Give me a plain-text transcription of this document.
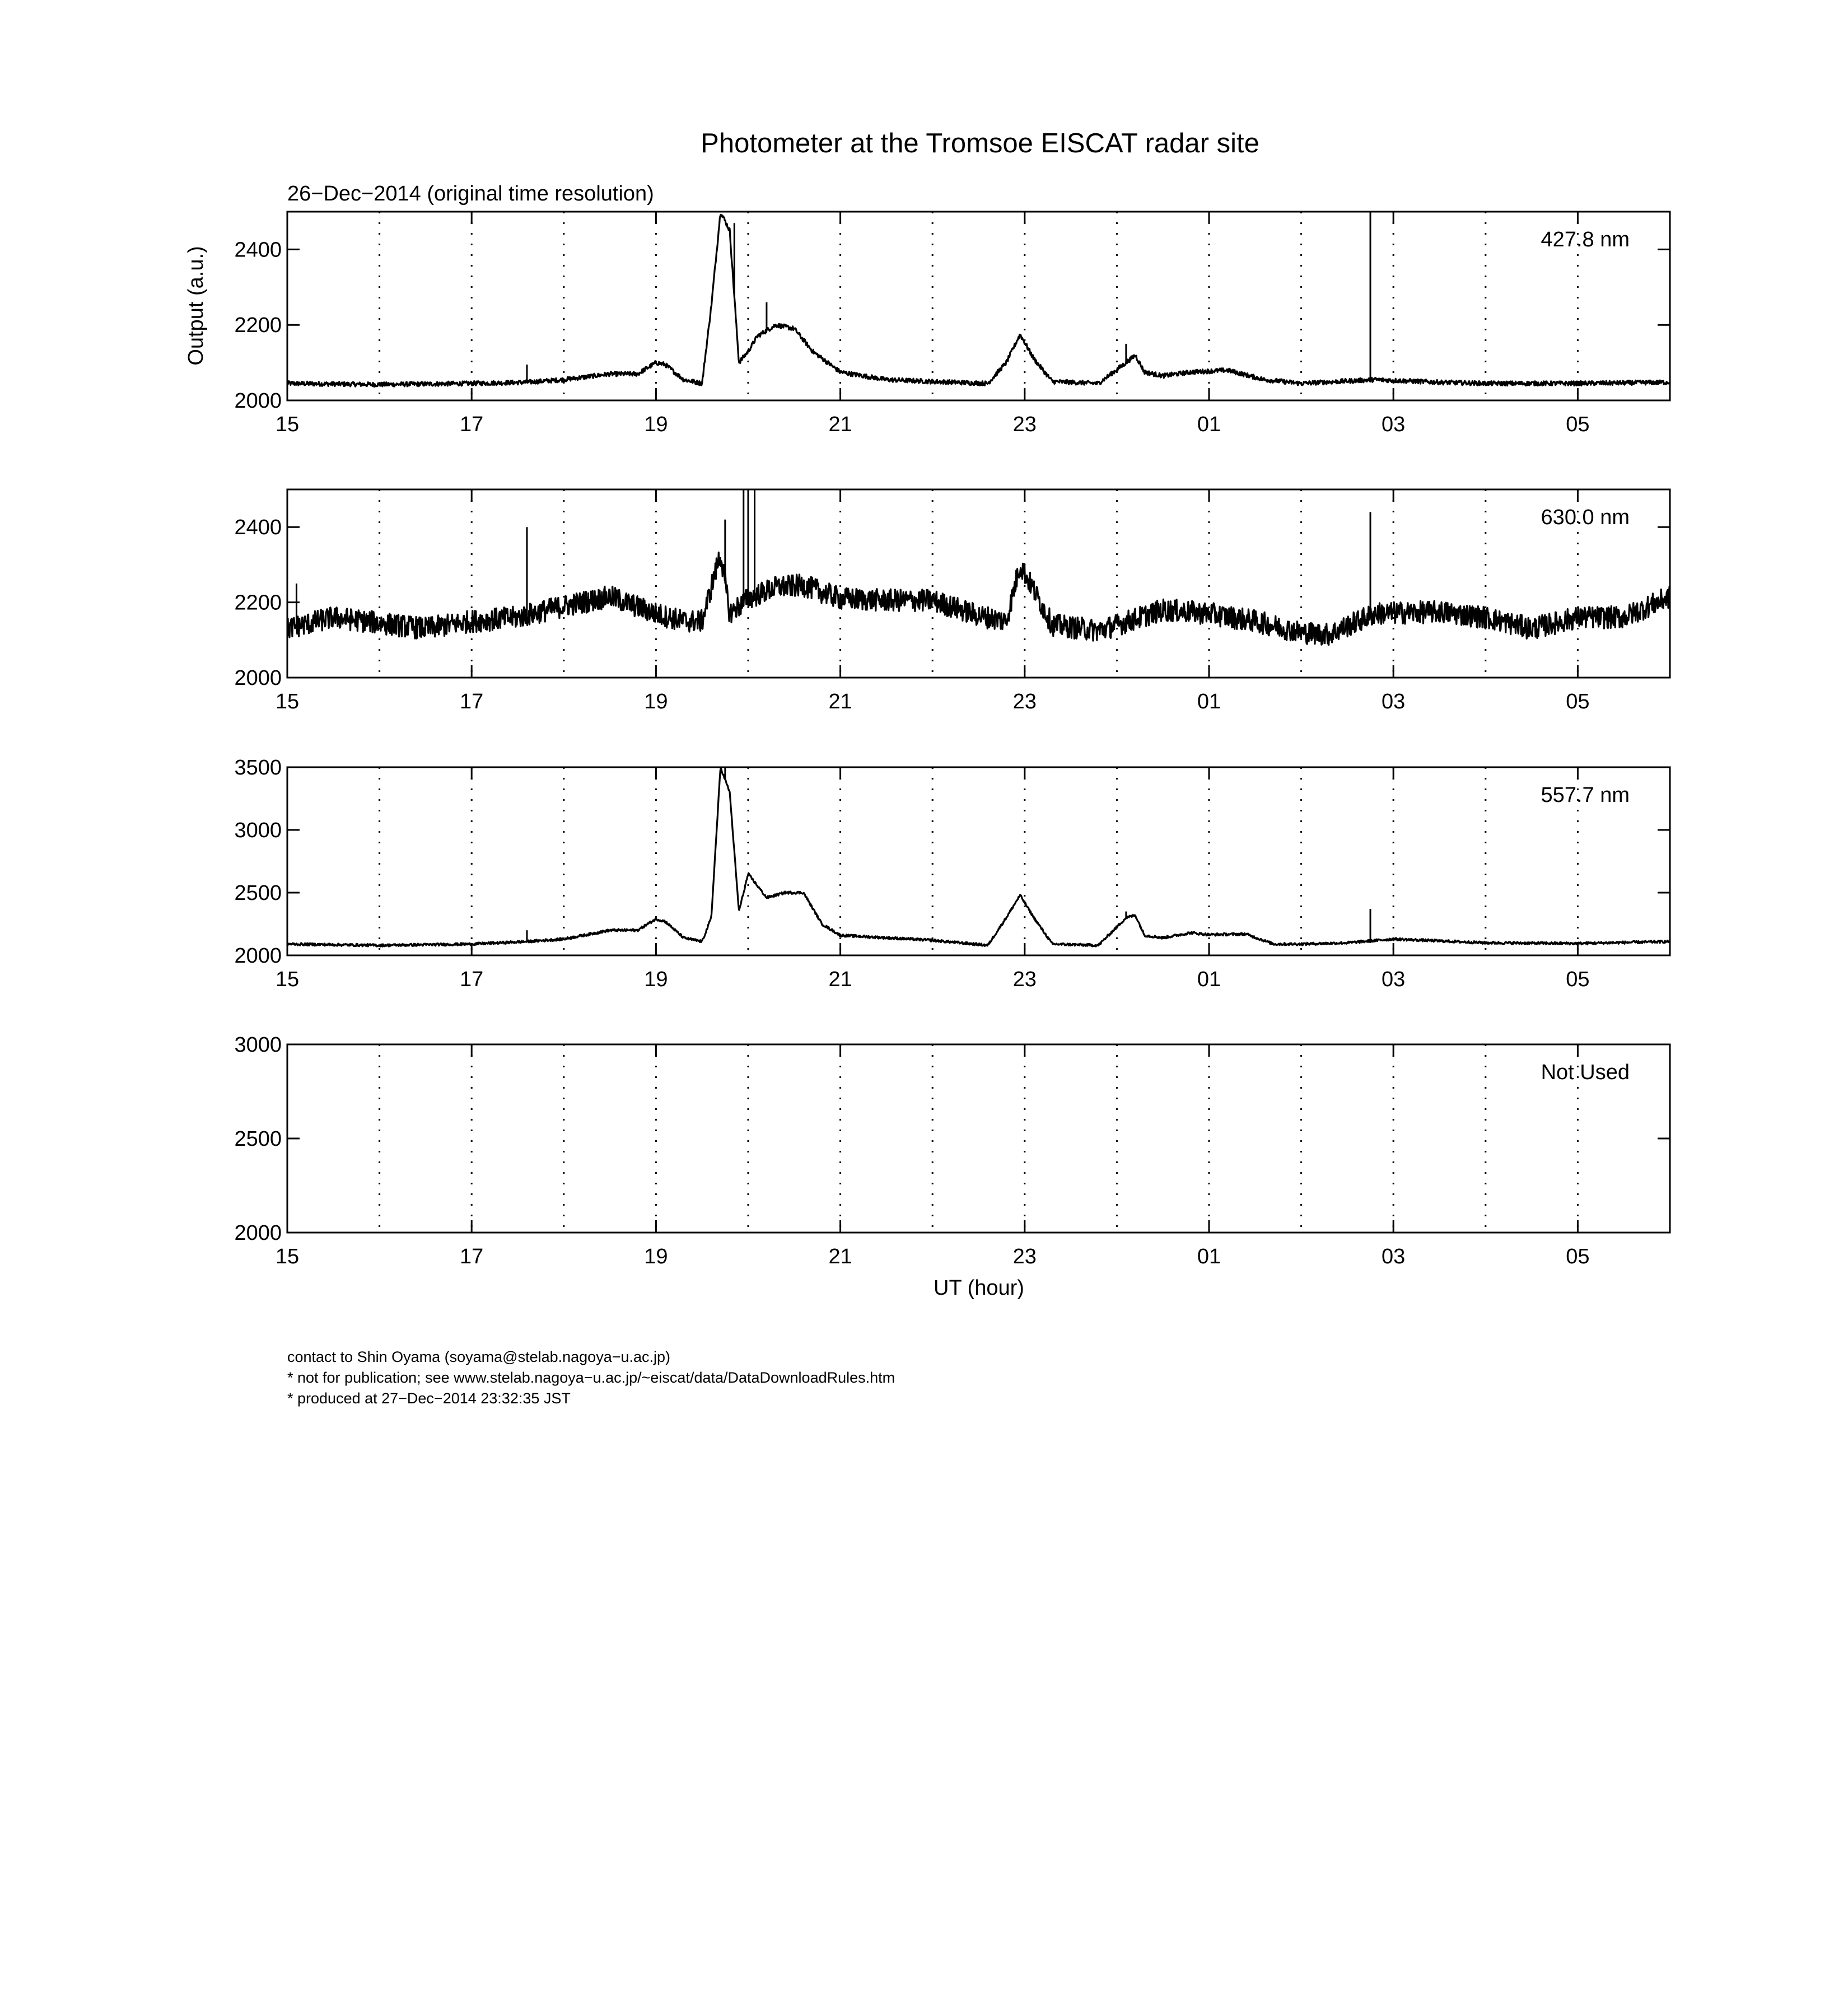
Photometer at the Tromsoe EISCAT radar site
26−Dec−2014 (original time resolution)
Output (a.u.)
UT (hour)
2000
2200
2400
15	17	19	21	23	01	03	05
427.8 nm
2000
2200
2400
15	17	19	21	23	01	03	05
630.0 nm
2000
2500
3000
3500
15	17	19	21	23	01	03	05
557.7 nm
2000
2500
3000
15	17	19	21	23	01	03	05
Not Used
contact to Shin Oyama (soyama@stelab.nagoya−u.ac.jp)
* not for publication; see www.stelab.nagoya−u.ac.jp/~eiscat/data/DataDownloadRules.htm
* produced at 27−Dec−2014 23:32:35 JST
